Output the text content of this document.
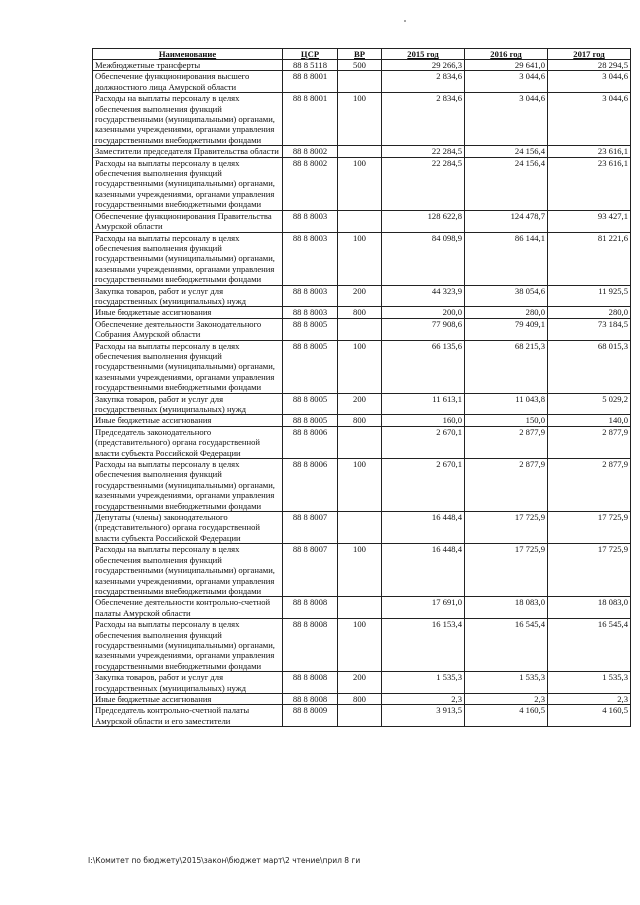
Наименование	ЦСР	ВР	2015 год	2016 год	2017 год
Межбюджетные трансферты	88 8 5118	500	29 266,3	29 641,0	28 294,5
Обеспечение функционирования высшего должностного лица Амурской области	88 8 8001		2 834,6	3 044,6	3 044,6
Расходы на выплаты персоналу в целях обеспечения выполнения функций государственными (муниципальными) органами, казенными учреждениями, органами управления государственными внебюджетными фондами	88 8 8001	100	2 834,6	3 044,6	3 044,6
Заместители председателя Правительства области	88 8 8002		22 284,5	24 156,4	23 616,1
Расходы на выплаты персоналу в целях обеспечения выполнения функций государственными (муниципальными) органами, казенными учреждениями, органами управления государственными внебюджетными фондами	88 8 8002	100	22 284,5	24 156,4	23 616,1
Обеспечение функционирования Правительства Амурской области	88 8 8003		128 622,8	124 478,7	93 427,1
Расходы на выплаты персоналу в целях обеспечения выполнения функций государственными (муниципальными) органами, казенными учреждениями, органами управления государственными внебюджетными фондами	88 8 8003	100	84 098,9	86 144,1	81 221,6
Закупка товаров, работ и услуг для государственных (муниципальных) нужд	88 8 8003	200	44 323,9	38 054,6	11 925,5
Иные бюджетные ассигнования	88 8 8003	800	200,0	280,0	280,0
Обеспечение деятельности Законодательного Собрания Амурской области	88 8 8005		77 908,6	79 409,1	73 184,5
Расходы на выплаты персоналу в целях обеспечения выполнения функций государственными (муниципальными) органами, казенными учреждениями, органами управления государственными внебюджетными фондами	88 8 8005	100	66 135,6	68 215,3	68 015,3
Закупка товаров, работ и услуг для государственных (муниципальных) нужд	88 8 8005	200	11 613,1	11 043,8	5 029,2
Иные бюджетные ассигнования	88 8 8005	800	160,0	150,0	140,0
Председатель законодательного (представительного) органа государственной власти субъекта Российской Федерации	88 8 8006		2 670,1	2 877,9	2 877,9
Расходы на выплаты персоналу в целях обеспечения выполнения функций государственными (муниципальными) органами, казенными учреждениями, органами управления государственными внебюджетными фондами	88 8 8006	100	2 670,1	2 877,9	2 877,9
Депутаты (члены) законодательного (представительного) органа государственной власти субъекта Российской Федерации	88 8 8007		16 448,4	17 725,9	17 725,9
Расходы на выплаты персоналу в целях обеспечения выполнения функций государственными (муниципальными) органами, казенными учреждениями, органами управления государственными внебюджетными фондами	88 8 8007	100	16 448,4	17 725,9	17 725,9
Обеспечение деятельности контрольно-счетной палаты Амурской области	88 8 8008		17 691,0	18 083,0	18 083,0
Расходы на выплаты персоналу в целях обеспечения выполнения функций государственными (муниципальными) органами, казенными учреждениями, органами управления государственными внебюджетными фондами	88 8 8008	100	16 153,4	16 545,4	16 545,4
Закупка товаров, работ и услуг для государственных (муниципальных) нужд	88 8 8008	200	1 535,3	1 535,3	1 535,3
Иные бюджетные ассигнования	88 8 8008	800	2,3	2,3	2,3
Председатель контрольно-счетной палаты Амурской области и его заместители	88 8 8009		3 913,5	4 160,5	4 160,5
I:\Комитет по бюджету\2015\закон\бюджет март\2 чтение\прил 8 ги
